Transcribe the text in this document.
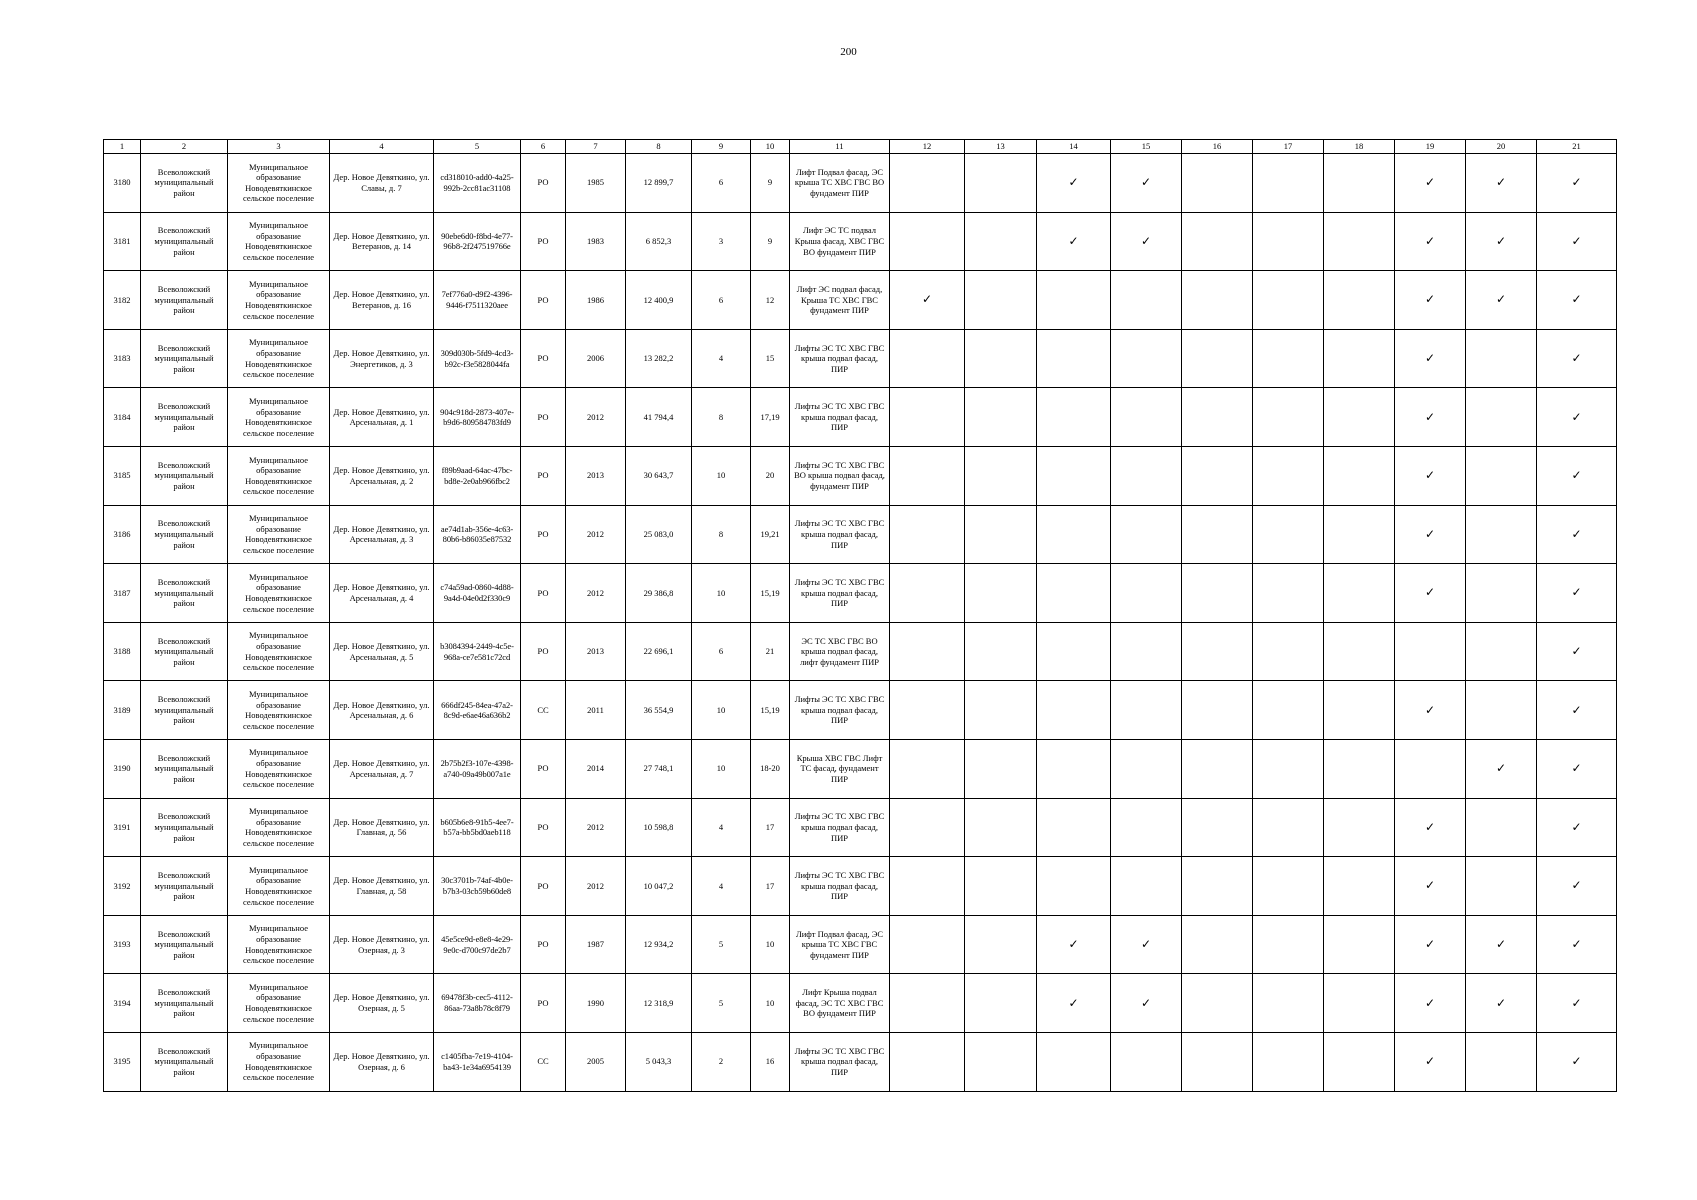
200
1	2	3	4	5	6	7	8	9	10	11	12	13	14	15	16	17	18	19	20	21
3180	Всеволожский муниципальный район	Муниципальное образование Новодевяткинское сельское поселение	Дер. Новое Девяткино, ул. Славы, д. 7	cd318010-add0-4a25-992b-2cc81ac31108	РО	1985	12 899,7	6	9	Лифт Подвал фасад, ЭС крыша ТС ХВС ГВС ВО фундамент ПИР			✓	✓				✓	✓	✓
3181	Всеволожский муниципальный район	Муниципальное образование Новодевяткинское сельское поселение	Дер. Новое Девяткино, ул. Ветеранов, д. 14	90ebe6d0-f8bd-4e77-96b8-2f247519766e	РО	1983	6 852,3	3	9	Лифт ЭС ТС подвал Крыша фасад, ХВС ГВС ВО фундамент ПИР			✓	✓				✓	✓	✓
3182	Всеволожский муниципальный район	Муниципальное образование Новодевяткинское сельское поселение	Дер. Новое Девяткино, ул. Ветеранов, д. 16	7ef776a0-d9f2-4396-9446-f7511320aee	РО	1986	12 400,9	6	12	Лифт ЭС подвал фасад, Крыша ТС ХВС ГВС фундамент ПИР	✓							✓	✓	✓
3183	Всеволожский муниципальный район	Муниципальное образование Новодевяткинское сельское поселение	Дер. Новое Девяткино, ул. Энергетиков, д. 3	309d030b-5fd9-4cd3-b92c-f3e5828044fa	РО	2006	13 282,2	4	15	Лифты ЭС ТС ХВС ГВС крыша подвал фасад, ПИР								✓		✓
3184	Всеволожский муниципальный район	Муниципальное образование Новодевяткинское сельское поселение	Дер. Новое Девяткино, ул. Арсенальная, д. 1	904c918d-2873-407e-b9d6-809584783fd9	РО	2012	41 794,4	8	17,19	Лифты ЭС ТС ХВС ГВС крыша подвал фасад, ПИР								✓		✓
3185	Всеволожский муниципальный район	Муниципальное образование Новодевяткинское сельское поселение	Дер. Новое Девяткино, ул. Арсенальная, д. 2	f89b9aad-64ac-47bc-bd8e-2e0ab966fbc2	РО	2013	30 643,7	10	20	Лифты ЭС ТС ХВС ГВС ВО крыша подвал фасад, фундамент ПИР								✓		✓
3186	Всеволожский муниципальный район	Муниципальное образование Новодевяткинское сельское поселение	Дер. Новое Девяткино, ул. Арсенальная, д. 3	ae74d1ab-356e-4c63-80b6-b86035e87532	РО	2012	25 083,0	8	19,21	Лифты ЭС ТС ХВС ГВС крыша подвал фасад, ПИР								✓		✓
3187	Всеволожский муниципальный район	Муниципальное образование Новодевяткинское сельское поселение	Дер. Новое Девяткино, ул. Арсенальная, д. 4	c74a59ad-0860-4d88-9a4d-04e0d2f330c9	РО	2012	29 386,8	10	15,19	Лифты ЭС ТС ХВС ГВС крыша подвал фасад, ПИР								✓		✓
3188	Всеволожский муниципальный район	Муниципальное образование Новодевяткинское сельское поселение	Дер. Новое Девяткино, ул. Арсенальная, д. 5	b3084394-2449-4c5e-968a-ce7e581c72cd	РО	2013	22 696,1	6	21	ЭС ТС ХВС ГВС ВО крыша подвал фасад, лифт фундамент ПИР										✓
3189	Всеволожский муниципальный район	Муниципальное образование Новодевяткинское сельское поселение	Дер. Новое Девяткино, ул. Арсенальная, д. 6	666df245-84ea-47a2-8c9d-e6ae46a636b2	СС	2011	36 554,9	10	15,19	Лифты ЭС ТС ХВС ГВС крыша подвал фасад, ПИР								✓		✓
3190	Всеволожский муниципальный район	Муниципальное образование Новодевяткинское сельское поселение	Дер. Новое Девяткино, ул. Арсенальная, д. 7	2b75b2f3-107e-4398-a740-09a49b007a1e	РО	2014	27 748,1	10	18-20	Крыша ХВС ГВС Лифт ТС фасад, фундамент ПИР									✓	✓
3191	Всеволожский муниципальный район	Муниципальное образование Новодевяткинское сельское поселение	Дер. Новое Девяткино, ул. Главная, д. 56	b605b6e8-91b5-4ee7-b57a-bb5bd0aeb118	РО	2012	10 598,8	4	17	Лифты ЭС ТС ХВС ГВС крыша подвал фасад, ПИР								✓		✓
3192	Всеволожский муниципальный район	Муниципальное образование Новодевяткинское сельское поселение	Дер. Новое Девяткино, ул. Главная, д. 58	30c3701b-74af-4b0e-b7b3-03cb59b60de8	РО	2012	10 047,2	4	17	Лифты ЭС ТС ХВС ГВС крыша подвал фасад, ПИР								✓		✓
3193	Всеволожский муниципальный район	Муниципальное образование Новодевяткинское сельское поселение	Дер. Новое Девяткино, ул. Озерная, д. 3	45e5ce9d-e8e8-4e29-9e0c-d700c97de2b7	РО	1987	12 934,2	5	10	Лифт Подвал фасад, ЭС крыша ТС ХВС ГВС фундамент ПИР			✓	✓				✓	✓	✓
3194	Всеволожский муниципальный район	Муниципальное образование Новодевяткинское сельское поселение	Дер. Новое Девяткино, ул. Озерная, д. 5	69478f3b-cec5-4112-86aa-73a8b78c8f79	РО	1990	12 318,9	5	10	Лифт Крыша подвал фасад, ЭС ТС ХВС ГВС ВО фундамент ПИР			✓	✓				✓	✓	✓
3195	Всеволожский муниципальный район	Муниципальное образование Новодевяткинское сельское поселение	Дер. Новое Девяткино, ул. Озерная, д. 6	c1405fba-7e19-4104-ba43-1e34a6954139	СС	2005	5 043,3	2	16	Лифты ЭС ТС ХВС ГВС крыша подвал фасад, ПИР								✓		✓
